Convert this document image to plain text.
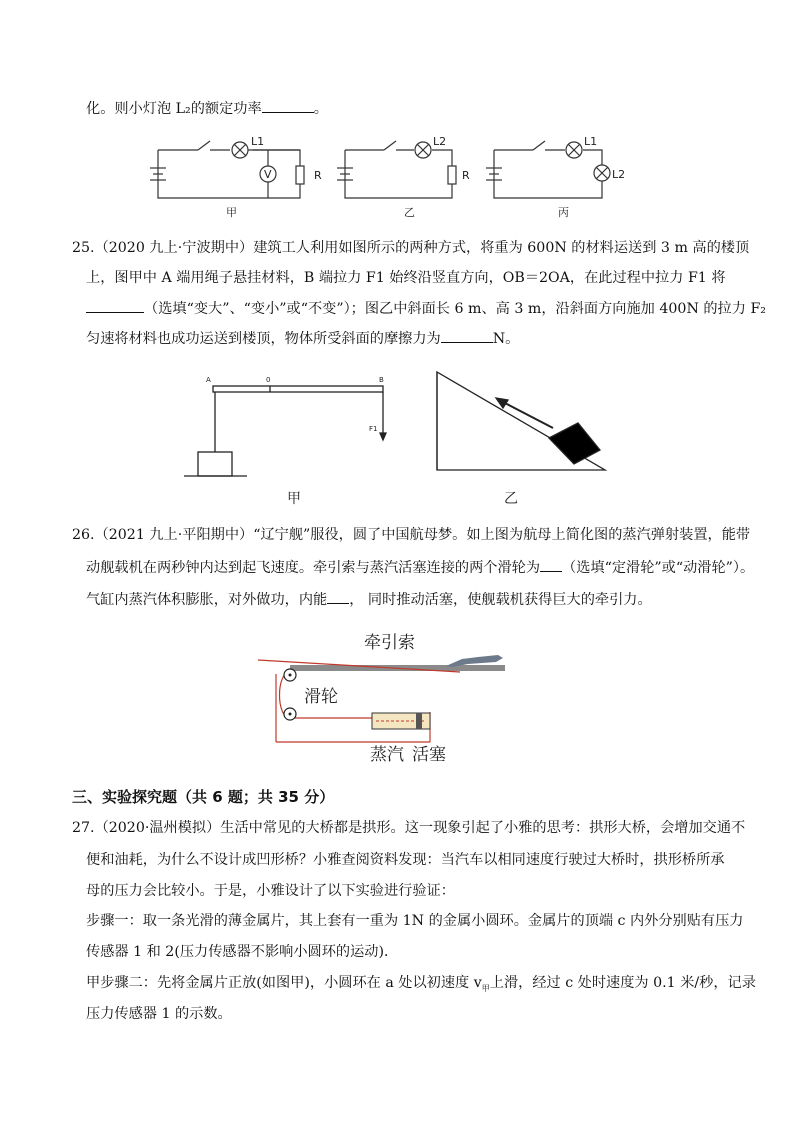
化。则小灯泡 L₂的额定功率	。
L1
V	R
甲
L2
R
乙
L1
L2
丙
25.（2020 九上·宁波期中）建筑工人利用如图所示的两种方式，将重为 600N 的材料运送到 3 m 高的楼顶
上，图甲中 A 端用绳子悬挂材料，B 端拉力 F1 始终沿竖直方向，OB＝2OA，在此过程中拉力 F1 将
（选填“变大”、“变小”或“不变”）；图乙中斜面长 6 m、高 3 m，沿斜面方向施加 400N 的拉力 F₂
匀速将材料也成功运送到楼顶，物体所受斜面的摩擦力为	N。
A	0	B
F1
甲	乙
26.（2021 九上·平阳期中）“辽宁舰”服役，圆了中国航母梦。如上图为航母上简化图的蒸汽弹射装置，能带
动舰载机在两秒钟内达到起飞速度。牵引索与蒸汽活塞连接的两个滑轮为 （选填“定滑轮”或“动滑轮”）。
气缸内蒸汽体积膨胀，对外做功，内能 ， 同时推动活塞，使舰载机获得巨大的牵引力。
牵引索
滑轮
蒸汽 活塞
三、实验探究题（共 6 题；共 35 分）
27.（2020·温州模拟）生活中常见的大桥都是拱形。这一现象引起了小雅的思考：拱形大桥，会增加交通不
便和油耗，为什么不设计成凹形桥？小雅查阅资料发现：当汽车以相同速度行驶过大桥时，拱形桥所承
母的压力会比较小。于是，小雅设计了以下实验进行验证：
步骤一：取一条光滑的薄金属片，其上套有一重为 1N 的金属小圆环。金属片的顶端 c 内外分别贴有压力
传感器 1 和 2(压力传感器不影响小圆环的运动)．
甲步骤二：先将金属片正放(如图甲)，小圆环在 a 处以初速度 $v_甲$上滑，经过 c 处时速度为 0.1 米/秒，记录
压力传感器 1 的示数。
